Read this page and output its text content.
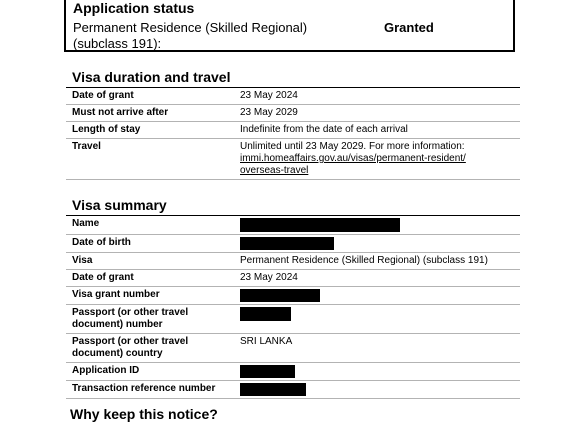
Application status
Permanent Residence (Skilled Regional) (subclass 191):
Granted
Visa duration and travel
Date of grant	23 May 2024
Must not arrive after	23 May 2029
Length of stay	Indefinite from the date of each arrival
Travel	Unlimited until 23 May 2029. For more information:
immi.homeaffairs.gov.au/visas/permanent-resident/
overseas-travel
Visa summary
Name	
Date of birth	
Visa	Permanent Residence (Skilled Regional) (subclass 191)
Date of grant	23 May 2024
Visa grant number	
Passport (or other travel document) number	
Passport (or other travel document) country	SRI LANKA
Application ID	
Transaction reference number	
Why keep this notice?
